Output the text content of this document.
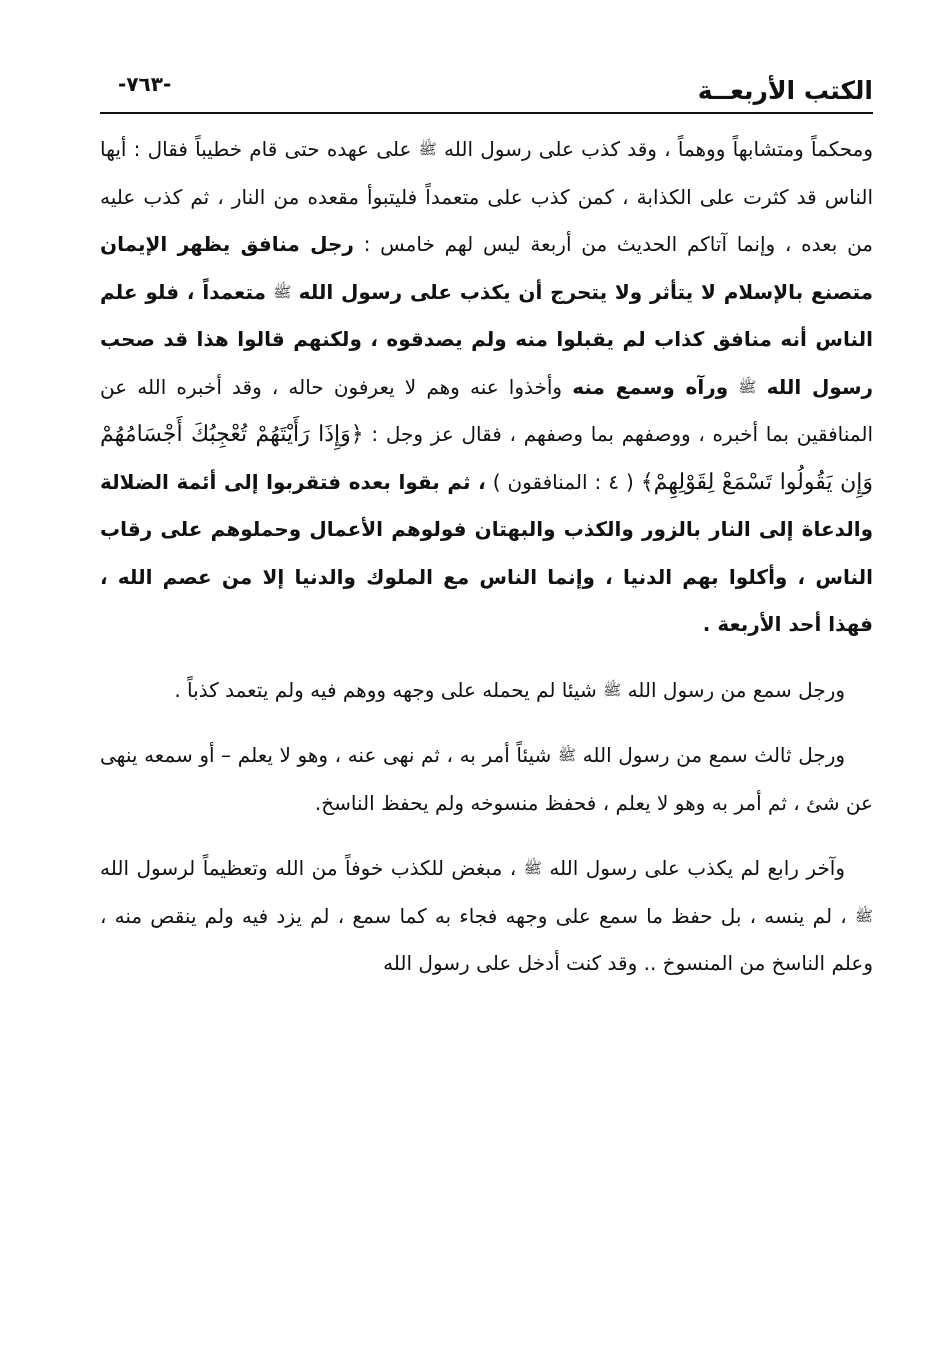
الكتب الأربعــة
-٧٦٣-

ومحكماً ومتشابهاً ووهماً ، وقد كذب على رسول الله ﷺ على عهده حتى قام خطيباً فقال : أيها الناس قد كثرت على الكذابة ، كمن كذب على متعمداً فليتبوأ مقعده من النار ، ثم كذب عليه من بعده ، وإنما آتاكم الحديث من أربعة ليس لهم خامس : رجل منافق يظهر الإيمان متصنع بالإسلام لا يتأثر ولا يتحرج أن يكذب على رسول الله ﷺ متعمداً ، فلو علم الناس أنه منافق كذاب لم يقبلوا منه ولم يصدقوه ، ولكنهم قالوا هذا قد صحب رسول الله ﷺ ورآه وسمع منه وأخذوا عنه وهم لا يعرفون حاله ، وقد أخبره الله عن المنافقين بما أخبره ، ووصفهم بما وصفهم ، فقال عز وجل : ﴿وَإِذَا رَأَيْتَهُمْ تُعْجِبُكَ أَجْسَامُهُمْ وَإِن يَقُولُوا تَسْمَعْ لِقَوْلِهِمْ﴾ ( ٤ : المنافقون ) ، ثم بقوا بعده فتقربوا إلى أئمة الضلالة والدعاة إلى النار بالزور والكذب والبهتان فولوهم الأعمال وحملوهم على رقاب الناس ، وأكلوا بهم الدنيا ، وإنما الناس مع الملوك والدنيا إلا من عصم الله ، فهذا أحد الأربعة .

ورجل سمع من رسول الله ﷺ شيئا لم يحمله على وجهه ووهم فيه ولم يتعمد كذباً .

ورجل ثالث سمع من رسول الله ﷺ شيئاً أمر به ، ثم نهى عنه ، وهو لا يعلم – أو سمعه ينهى عن شئ ، ثم أمر به وهو لا يعلم ، فحفظ منسوخه ولم يحفظ الناسخ.

وآخر رابع لم يكذب على رسول الله ﷺ ، مبغض للكذب خوفاً من الله وتعظيماً لرسول الله ﷺ ، لم ينسه ، بل حفظ ما سمع على وجهه فجاء به كما سمع ، لم يزد فيه ولم ينقص منه ، وعلم الناسخ من المنسوخ .. وقد كنت أدخل على رسول الله
